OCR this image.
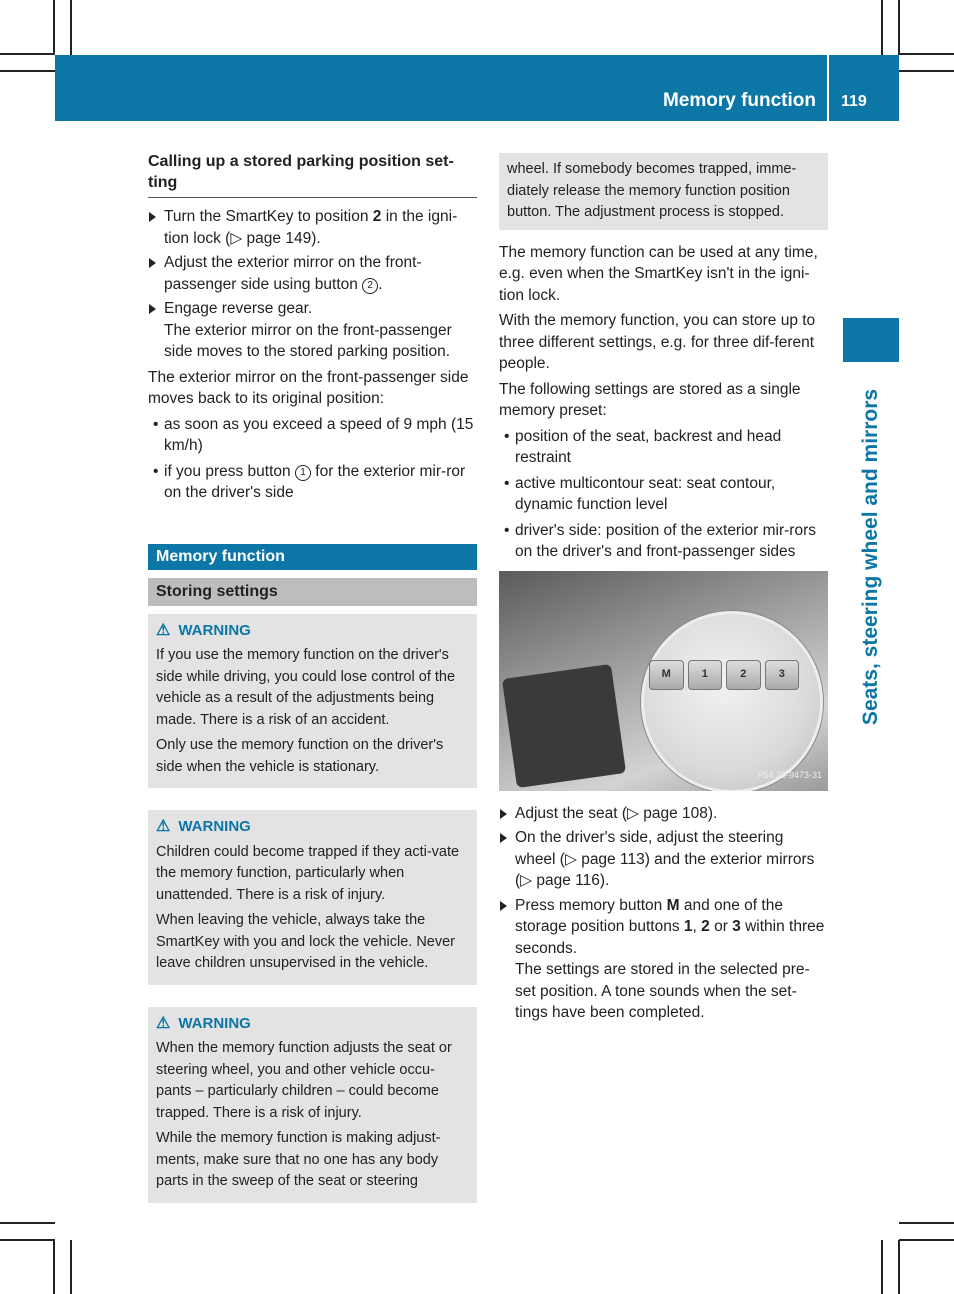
Memory function 119
Seats, steering wheel and mirrors
Calling up a stored parking position set-ting
Turn the SmartKey to position 2 in the igni-tion lock (▷ page 149).
Adjust the exterior mirror on the front-passenger side using button 2 .
Engage reverse gear.
The exterior mirror on the front-passenger side moves to the stored parking position.

The exterior mirror on the front-passenger side moves back to its original position:

• as soon as you exceed a speed of 9 mph (15 km/h)
• if you press button 1 for the exterior mir-ror on the driver's side
Memory function
Storing settings
⚠ WARNING

If you use the memory function on the driver's side while driving, you could lose control of the vehicle as a result of the adjustments being made. There is a risk of an accident.

Only use the memory function on the driver's side when the vehicle is stationary.

⚠ WARNING

Children could become trapped if they acti-vate the memory function, particularly when unattended. There is a risk of injury.

When leaving the vehicle, always take the SmartKey with you and lock the vehicle. Never leave children unsupervised in the vehicle.

⚠ WARNING

When the memory function adjusts the seat or steering wheel, you and other vehicle occu-pants – particularly children – could become trapped. There is a risk of injury.

While the memory function is making adjust-ments, make sure that no one has any body parts in the sweep of the seat or steering

wheel. If somebody becomes trapped, imme-diately release the memory function position button. The adjustment process is stopped.

The memory function can be used at any time, e.g. even when the SmartKey isn't in the igni-tion lock.

With the memory function, you can store up to three different settings, e.g. for three dif-ferent people.

The following settings are stored as a single memory preset:

• position of the seat, backrest and head restraint
• active multicontour seat: seat contour, dynamic function level
• driver's side: position of the exterior mir-rors on the driver's and front-passenger sides
M	1	2	3
P54.25-9473-31
Adjust the seat (▷ page 108).
On the driver's side, adjust the steering wheel (▷ page 113) and the exterior mirrors (▷ page 116).
Press memory button M and one of the storage position buttons 1, 2 or 3 within three seconds.
The settings are stored in the selected pre-set position. A tone sounds when the set-tings have been completed.
